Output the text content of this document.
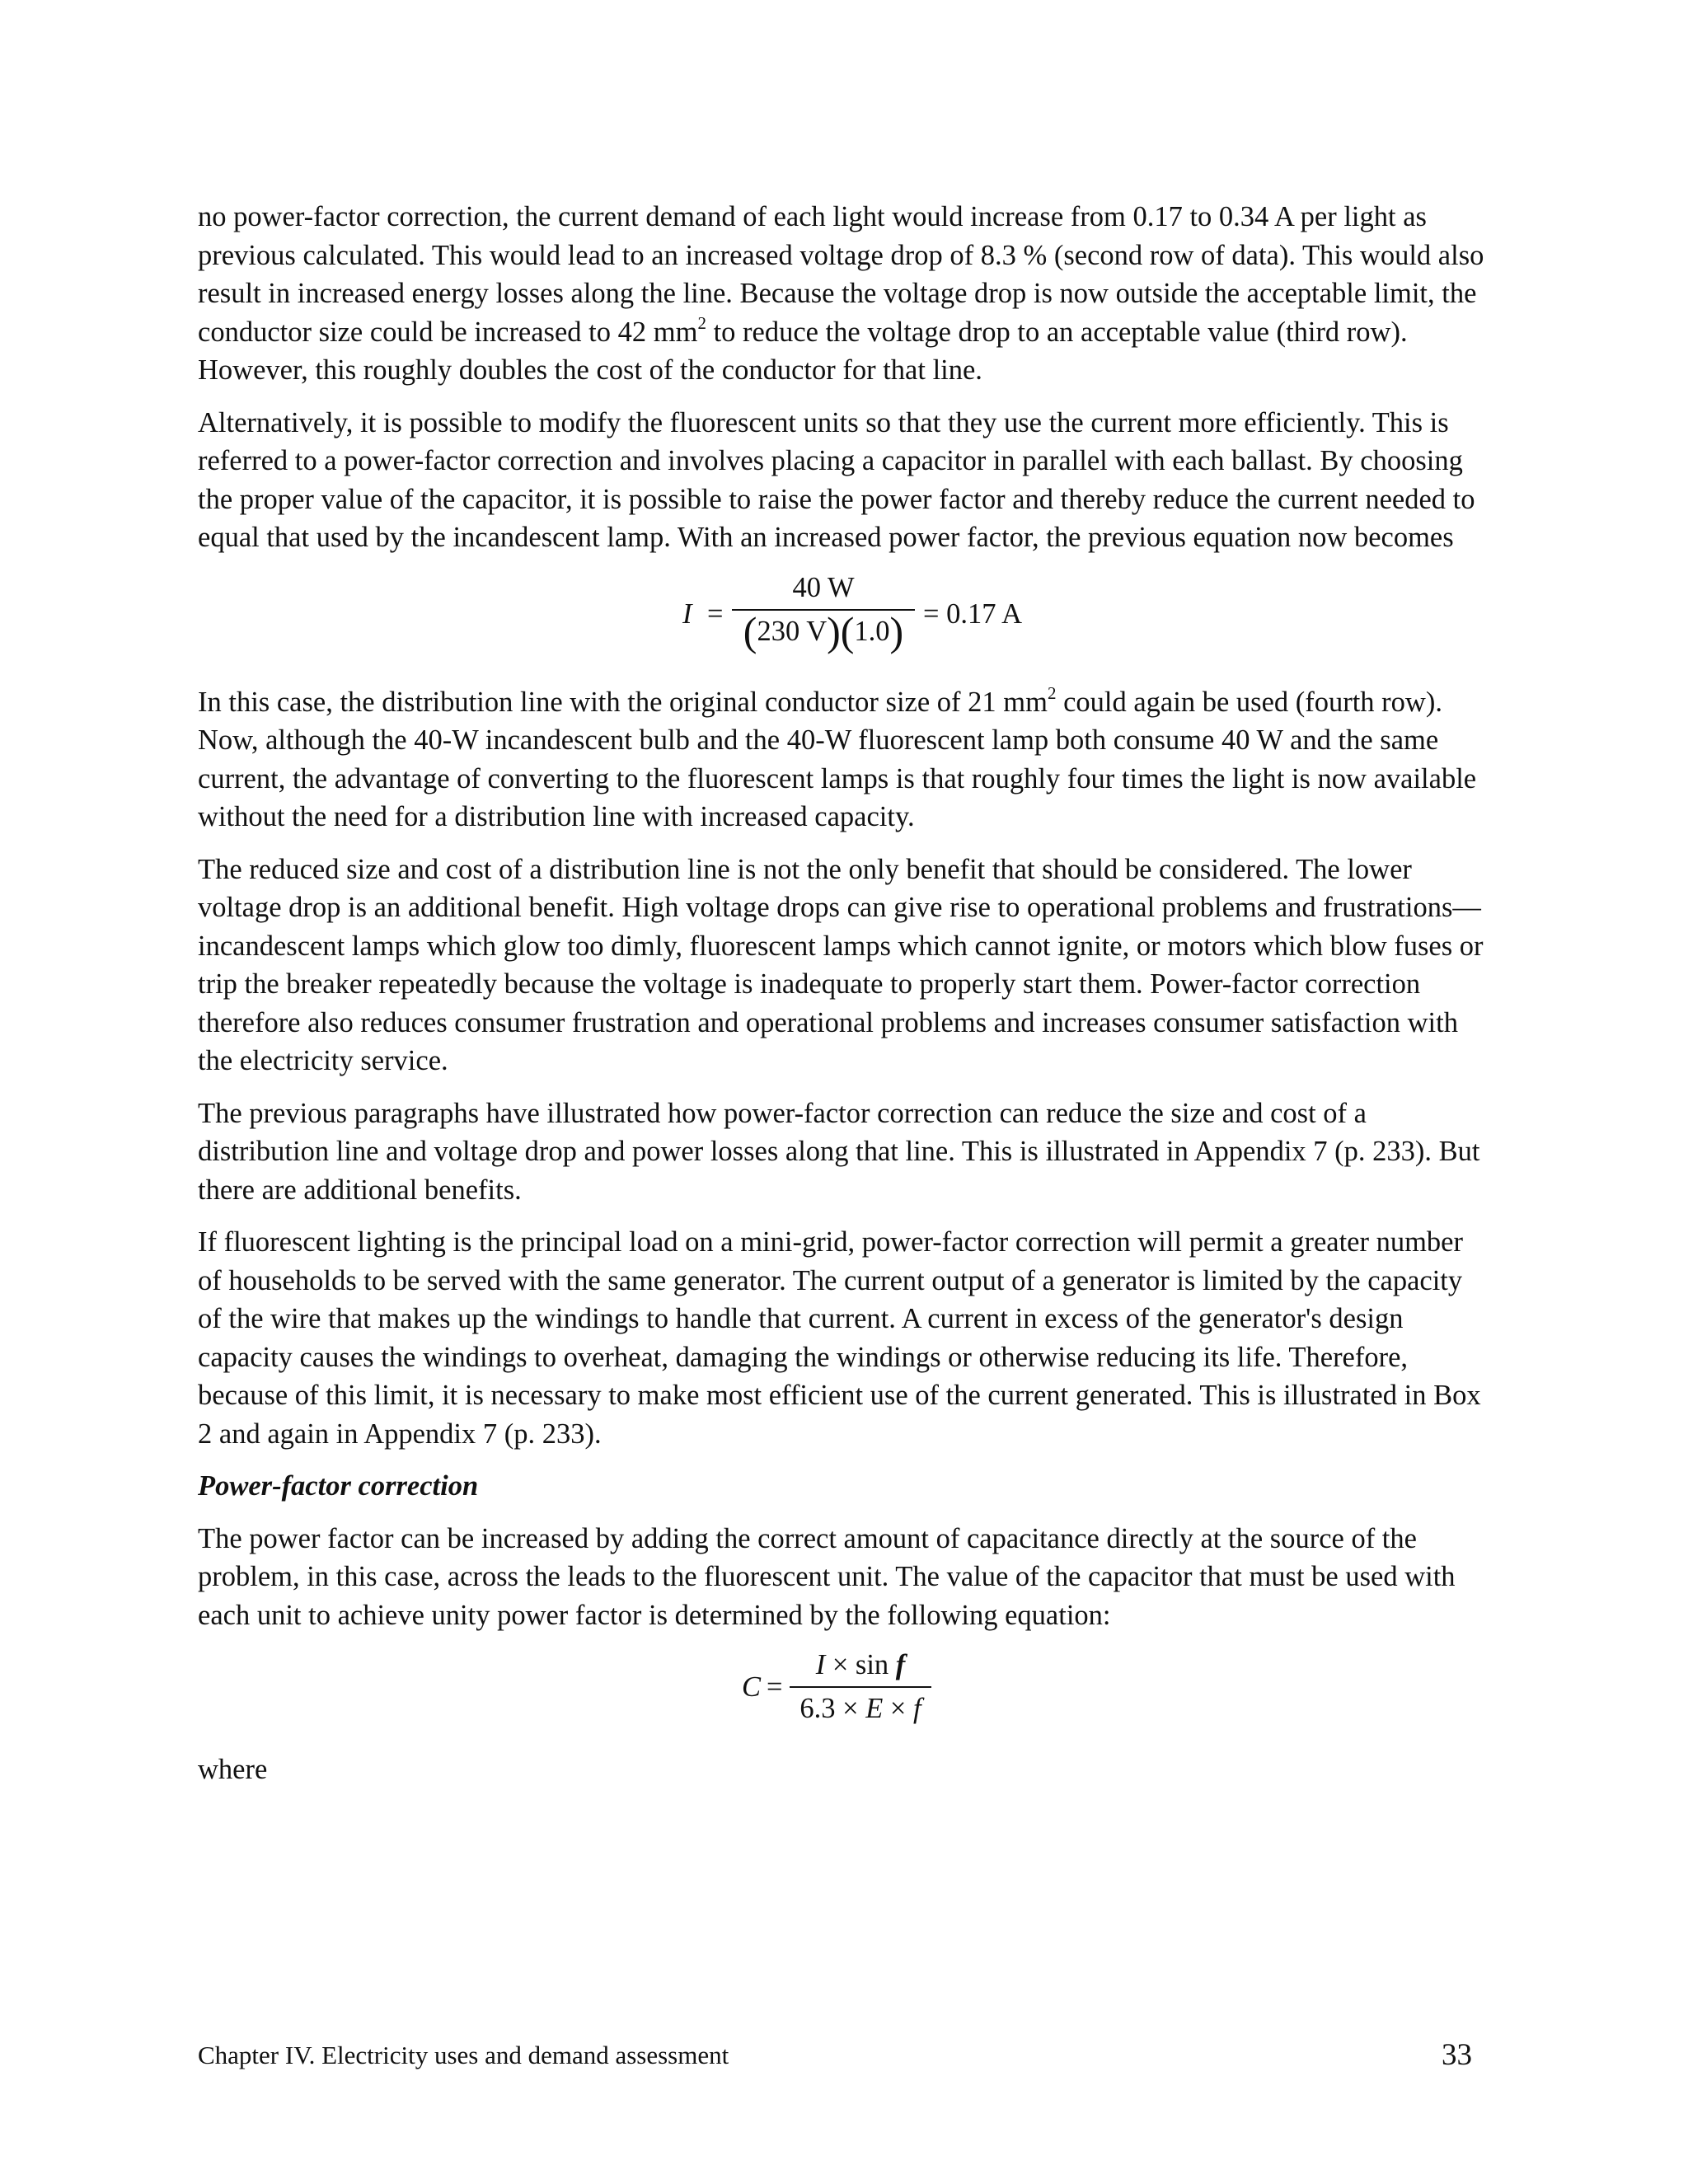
no power-factor correction, the current demand of each light would increase from 0.17 to 0.34 A per light as previous calculated. This would lead to an increased voltage drop of 8.3 % (second row of data). This would also result in increased energy losses along the line. Because the voltage drop is now outside the acceptable limit, the conductor size could be increased to 42 $mm^2$ to reduce the voltage drop to an acceptable value (third row). However, this roughly doubles the cost of the conductor for that line.

Alternatively, it is possible to modify the fluorescent units so that they use the current more efficiently. This is referred to a power-factor correction and involves placing a capacitor in parallel with each ballast. By choosing the proper value of the capacitor, it is possible to raise the power factor and thereby reduce the current needed to equal that used by the incandescent lamp. With an increased power factor, the previous equation now becomes

I =
40 W
(230 V)(1.0) = 0.17 A

In this case, the distribution line with the original conductor size of 21 $mm^2$ could again be used (fourth row). Now, although the 40-W incandescent bulb and the 40-W fluorescent lamp both consume 40 W and the same current, the advantage of converting to the fluorescent lamps is that roughly four times the light is now available without the need for a distribution line with increased capacity.

The reduced size and cost of a distribution line is not the only benefit that should be considered. The lower voltage drop is an additional benefit. High voltage drops can give rise to operational problems and frustrations—incandescent lamps which glow too dimly, fluorescent lamps which cannot ignite, or motors which blow fuses or trip the breaker repeatedly because the voltage is inadequate to properly start them. Power-factor correction therefore also reduces consumer frustration and operational problems and increases consumer satisfaction with the electricity service.

The previous paragraphs have illustrated how power-factor correction can reduce the size and cost of a distribution line and voltage drop and power losses along that line. This is illustrated in Appendix 7 (p. 233). But there are additional benefits.

If fluorescent lighting is the principal load on a mini-grid, power-factor correction will permit a greater number of households to be served with the same generator. The current output of a generator is limited by the capacity of the wire that makes up the windings to handle that current. A current in excess of the generator's design capacity causes the windings to overheat, damaging the windings or otherwise reducing its life. Therefore, because of this limit, it is necessary to make most efficient use of the current generated. This is illustrated in Box 2 and again in Appendix 7 (p. 233).

Power-factor correction

The power factor can be increased by adding the correct amount of capacitance directly at the source of the problem, in this case, across the leads to the fluorescent unit. The value of the capacitor that must be used with each unit to achieve unity power factor is determined by the following equation:

C =
I × sin f
6.3 × E × f

where

Chapter IV. Electricity uses and demand assessment	33
